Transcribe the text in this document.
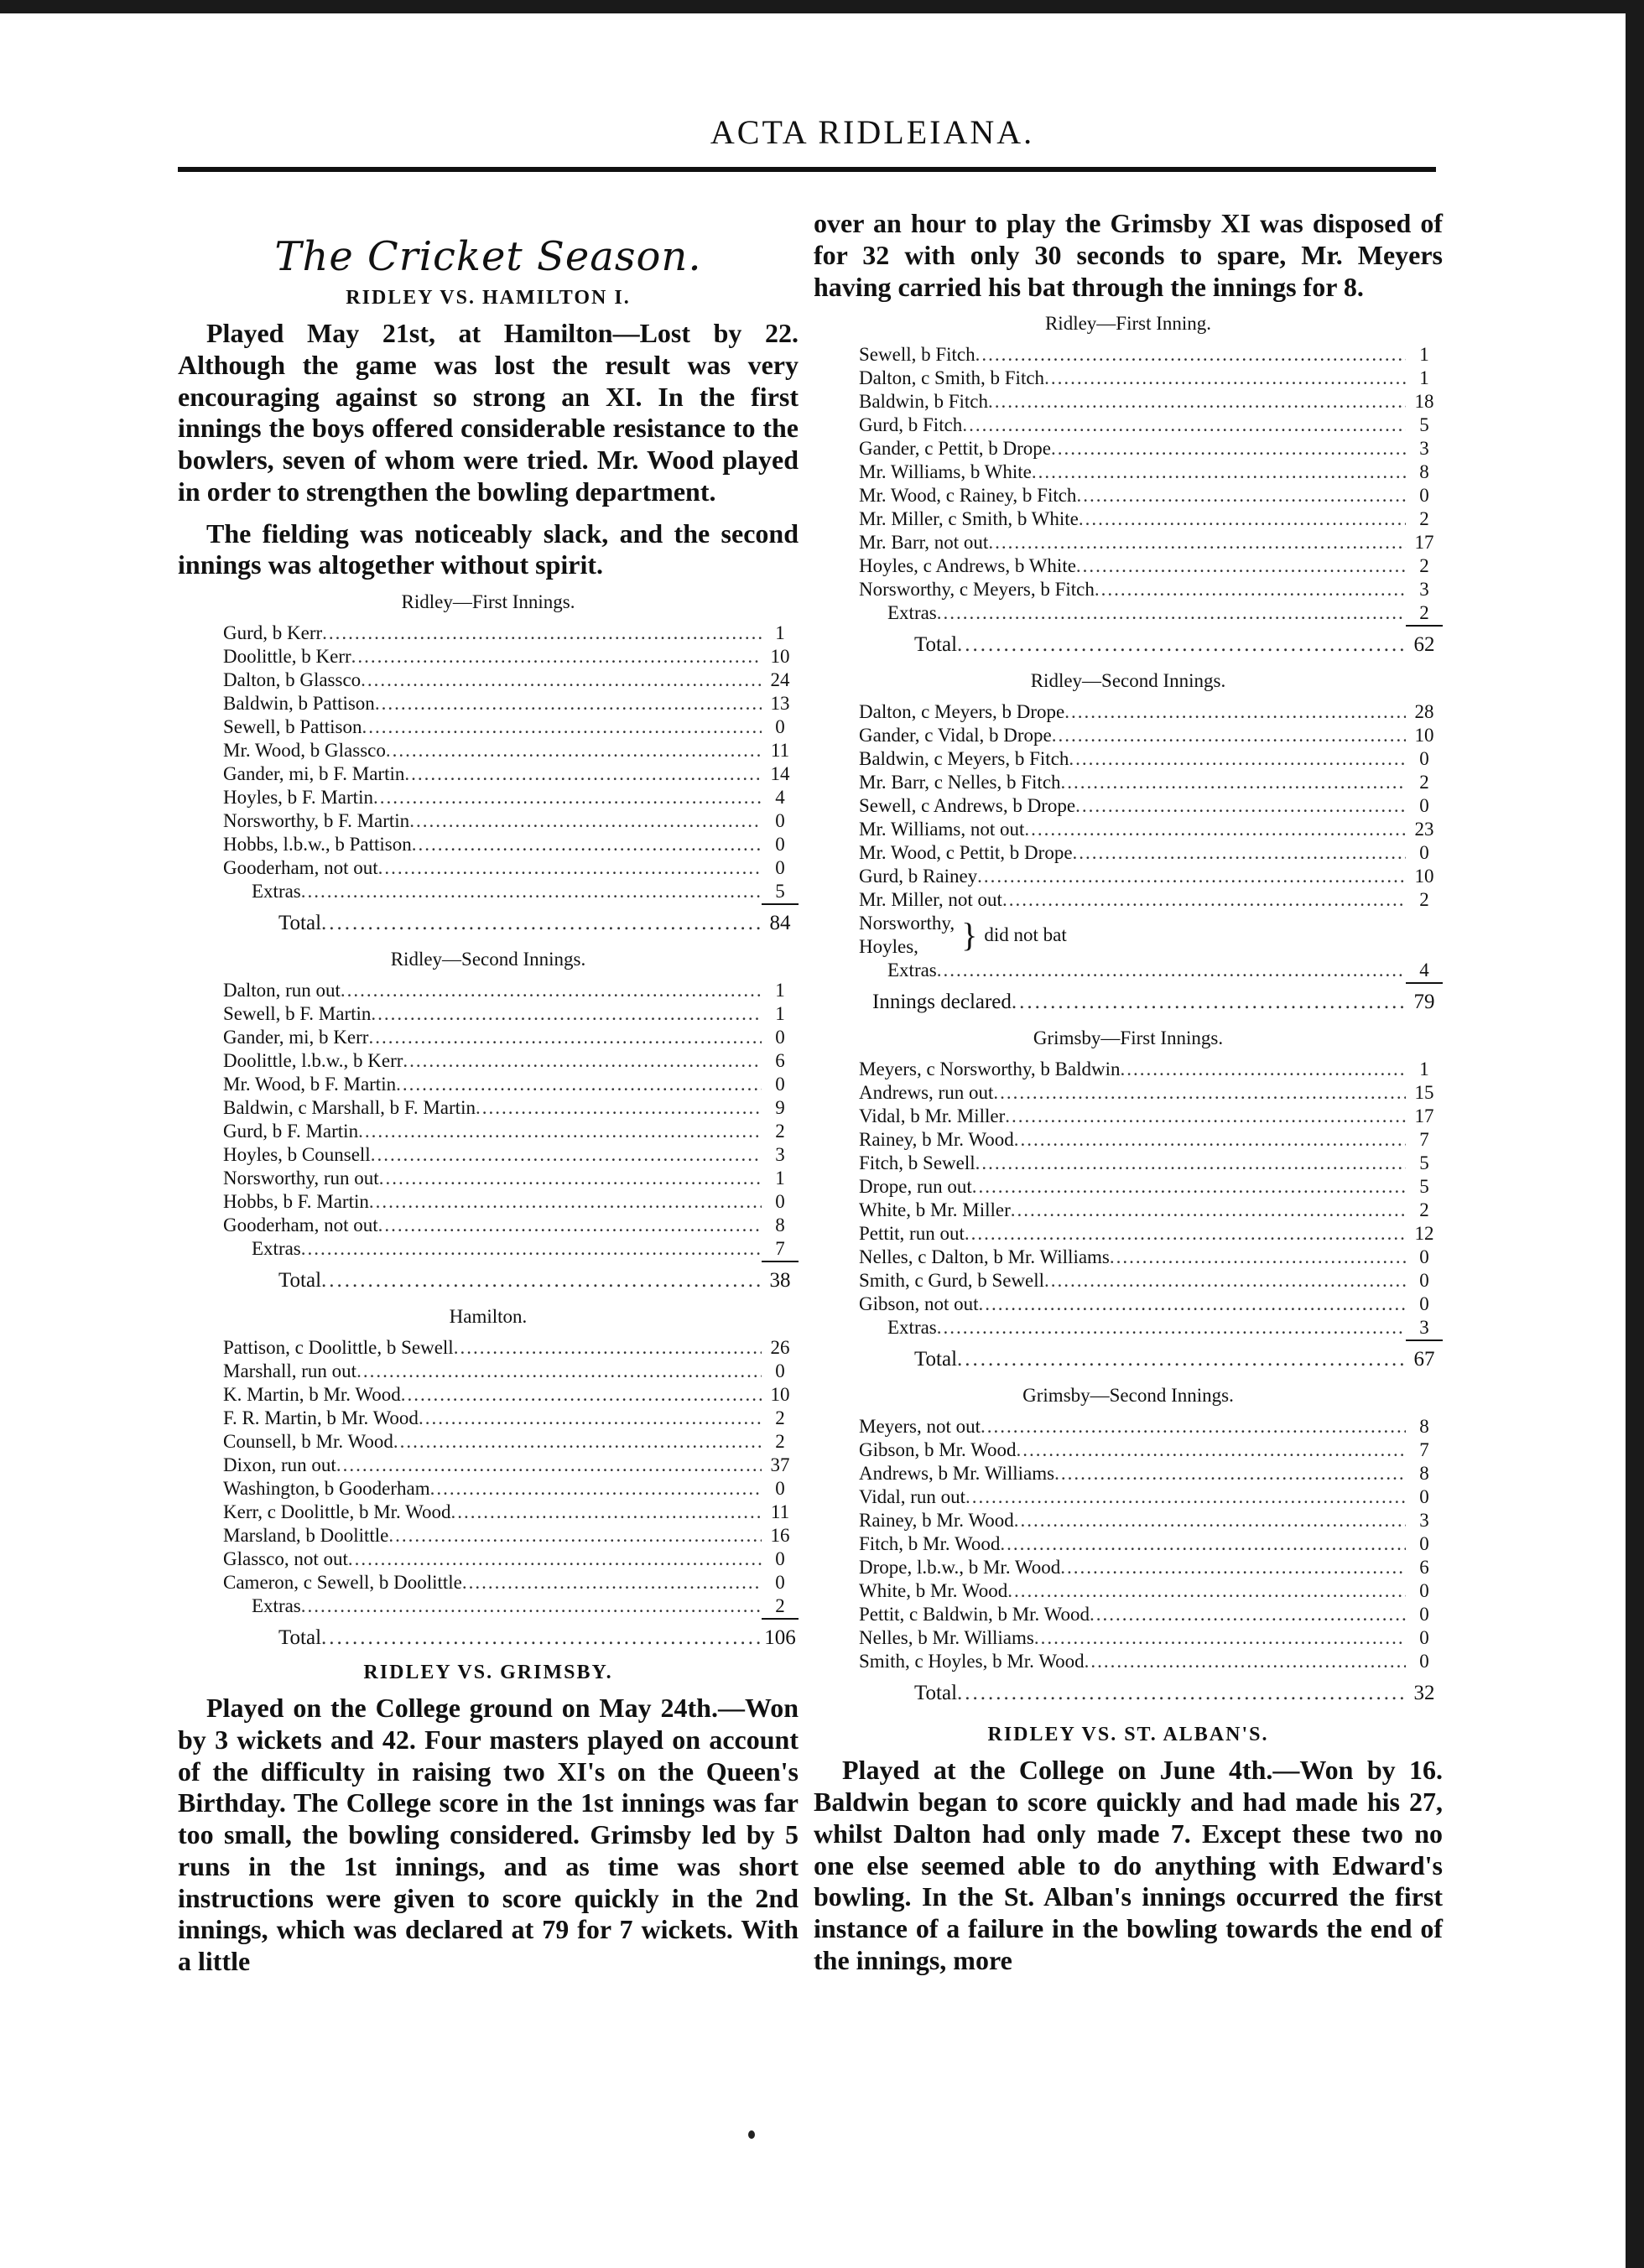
ACTA RIDLEIANA.
The Cricket Season.
RIDLEY VS. HAMILTON I.

Played May 21st, at Hamilton—Lost by 22. Although the game was lost the result was very encouraging against so strong an XI. In the first innings the boys offered considerable resistance to the bowlers, seven of whom were tried. Mr. Wood played in order to strengthen the bowling department.

The fielding was noticeably slack, and the second innings was altogether without spirit.

Ridley—First Innings.
Gurd, b Kerr .....	1
Doolittle, b Kerr .....	10
Dalton, b Glassco .....	24
Baldwin, b Pattison .....	13
Sewell, b Pattison .....	0
Mr. Wood, b Glassco .....	11
Gander, mi, b F. Martin .....	14
Hoyles, b F. Martin .....	4
Norsworthy, b F. Martin .....	0
Hobbs, l.b.w., b Pattison .....	0
Gooderham, not out .....	0
Extras .....	5
Total .....	84
Ridley—Second Innings.
Dalton, run out .....	1
Sewell, b F. Martin .....	1
Gander, mi, b Kerr .....	0
Doolittle, l.b.w., b Kerr .....	6
Mr. Wood, b F. Martin .....	0
Baldwin, c Marshall, b F. Martin .....	9
Gurd, b F. Martin .....	2
Hoyles, b Counsell .....	3
Norsworthy, run out .....	1
Hobbs, b F. Martin .....	0
Gooderham, not out .....	8
Extras .....	7
Total .....	38
Hamilton.
Pattison, c Doolittle, b Sewell .....	26
Marshall, run out .....	0
K. Martin, b Mr. Wood .....	10
F. R. Martin, b Mr. Wood .....	2
Counsell, b Mr. Wood .....	2
Dixon, run out .....	37
Washington, b Gooderham .....	0
Kerr, c Doolittle, b Mr. Wood .....	11
Marsland, b Doolittle .....	16
Glassco, not out .....	0
Cameron, c Sewell, b Doolittle .....	0
Extras .....	2
Total .....	106
RIDLEY VS. GRIMSBY.

Played on the College ground on May 24th.—Won by 3 wickets and 42. Four masters played on account of the difficulty in raising two XI's on the Queen's Birthday. The College score in the 1st innings was far too small, the bowling considered. Grimsby led by 5 runs in the 1st innings, and as time was short instructions were given to score quickly in the 2nd innings, which was declared at 79 for 7 wickets. With a little

over an hour to play the Grimsby XI was disposed of for 32 with only 30 seconds to spare, Mr. Meyers having carried his bat through the innings for 8.

Ridley—First Inning.
Sewell, b Fitch .....	1
Dalton, c Smith, b Fitch .....	1
Baldwin, b Fitch .....	18
Gurd, b Fitch .....	5
Gander, c Pettit, b Drope .....	3
Mr. Williams, b White .....	8
Mr. Wood, c Rainey, b Fitch .....	0
Mr. Miller, c Smith, b White .....	2
Mr. Barr, not out .....	17
Hoyles, c Andrews, b White .....	2
Norsworthy, c Meyers, b Fitch .....	3
Extras .....	2
Total .....	62
Ridley—Second Innings.
Dalton, c Meyers, b Drope .....	28
Gander, c Vidal, b Drope .....	10
Baldwin, c Meyers, b Fitch .....	0
Mr. Barr, c Nelles, b Fitch .....	2
Sewell, c Andrews, b Drope .....	0
Mr. Williams, not out .....	23
Mr. Wood, c Pettit, b Drope .....	0
Gurd, b Rainey .....	10
Mr. Miller, not out .....	2
Norsworthy,
Hoyles,	} did not bat
Extras .....	4
Innings declared .....	79
Grimsby—First Innings.
Meyers, c Norsworthy, b Baldwin .....	1
Andrews, run out .....	15
Vidal, b Mr. Miller .....	17
Rainey, b Mr. Wood .....	7
Fitch, b Sewell .....	5
Drope, run out .....	5
White, b Mr. Miller .....	2
Pettit, run out .....	12
Nelles, c Dalton, b Mr. Williams .....	0
Smith, c Gurd, b Sewell .....	0
Gibson, not out .....	0
Extras .....	3
Total .....	67
Grimsby—Second Innings.
Meyers, not out .....	8
Gibson, b Mr. Wood .....	7
Andrews, b Mr. Williams .....	8
Vidal, run out .....	0
Rainey, b Mr. Wood .....	3
Fitch, b Mr. Wood .....	0
Drope, l.b.w., b Mr. Wood .....	6
White, b Mr. Wood .....	0
Pettit, c Baldwin, b Mr. Wood .....	0
Nelles, b Mr. Williams .....	0
Smith, c Hoyles, b Mr. Wood .....	0
Total .....	32
RIDLEY VS. ST. ALBAN'S.

Played at the College on June 4th.—Won by 16. Baldwin began to score quickly and had made his 27, whilst Dalton had only made 7. Except these two no one else seemed able to do anything with Edward's bowling. In the St. Alban's innings occurred the first instance of a failure in the bowling towards the end of the innings, more
